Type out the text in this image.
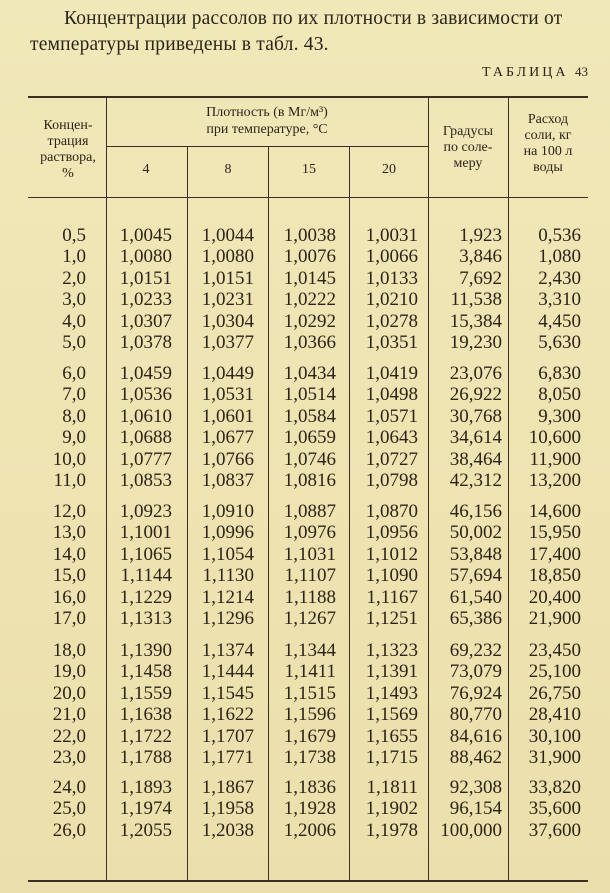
Концентрации рассолов по их плотности в зависимости от температуры приведены в табл. 43.

ТАБЛИЦА 43
Концен-
трация
раствора,
%
Плотность (в Мг/м³)
при температуре, °С
4	8	15	20
Градусы
по соле-
меру
Расход
соли, кг
на 100 л
воды
0,5	1,0045	1,0044	1,0038	1,0031	1,923	0,536
1,0	1,0080	1,0080	1,0076	1,0066	3,846	1,080
2,0	1,0151	1,0151	1,0145	1,0133	7,692	2,430
3,0	1,0233	1,0231	1,0222	1,0210	11,538	3,310
4,0	1,0307	1,0304	1,0292	1,0278	15,384	4,450
5,0	1,0378	1,0377	1,0366	1,0351	19,230	5,630
6,0	1,0459	1,0449	1,0434	1,0419	23,076	6,830
7,0	1,0536	1,0531	1,0514	1,0498	26,922	8,050
8,0	1,0610	1,0601	1,0584	1,0571	30,768	9,300
9,0	1,0688	1,0677	1,0659	1,0643	34,614	10,600
10,0	1,0777	1,0766	1,0746	1,0727	38,464	11,900
11,0	1,0853	1,0837	1,0816	1,0798	42,312	13,200
12,0	1,0923	1,0910	1,0887	1,0870	46,156	14,600
13,0	1,1001	1,0996	1,0976	1,0956	50,002	15,950
14,0	1,1065	1,1054	1,1031	1,1012	53,848	17,400
15,0	1,1144	1,1130	1,1107	1,1090	57,694	18,850
16,0	1,1229	1,1214	1,1188	1,1167	61,540	20,400
17,0	1,1313	1,1296	1,1267	1,1251	65,386	21,900
18,0	1,1390	1,1374	1,1344	1,1323	69,232	23,450
19,0	1,1458	1,1444	1,1411	1,1391	73,079	25,100
20,0	1,1559	1,1545	1,1515	1,1493	76,924	26,750
21,0	1,1638	1,1622	1,1596	1,1569	80,770	28,410
22,0	1,1722	1,1707	1,1679	1,1655	84,616	30,100
23,0	1,1788	1,1771	1,1738	1,1715	88,462	31,900
24,0	1,1893	1,1867	1,1836	1,1811	92,308	33,820
25,0	1,1974	1,1958	1,1928	1,1902	96,154	35,600
26,0	1,2055	1,2038	1,2006	1,1978	100,000	37,600
